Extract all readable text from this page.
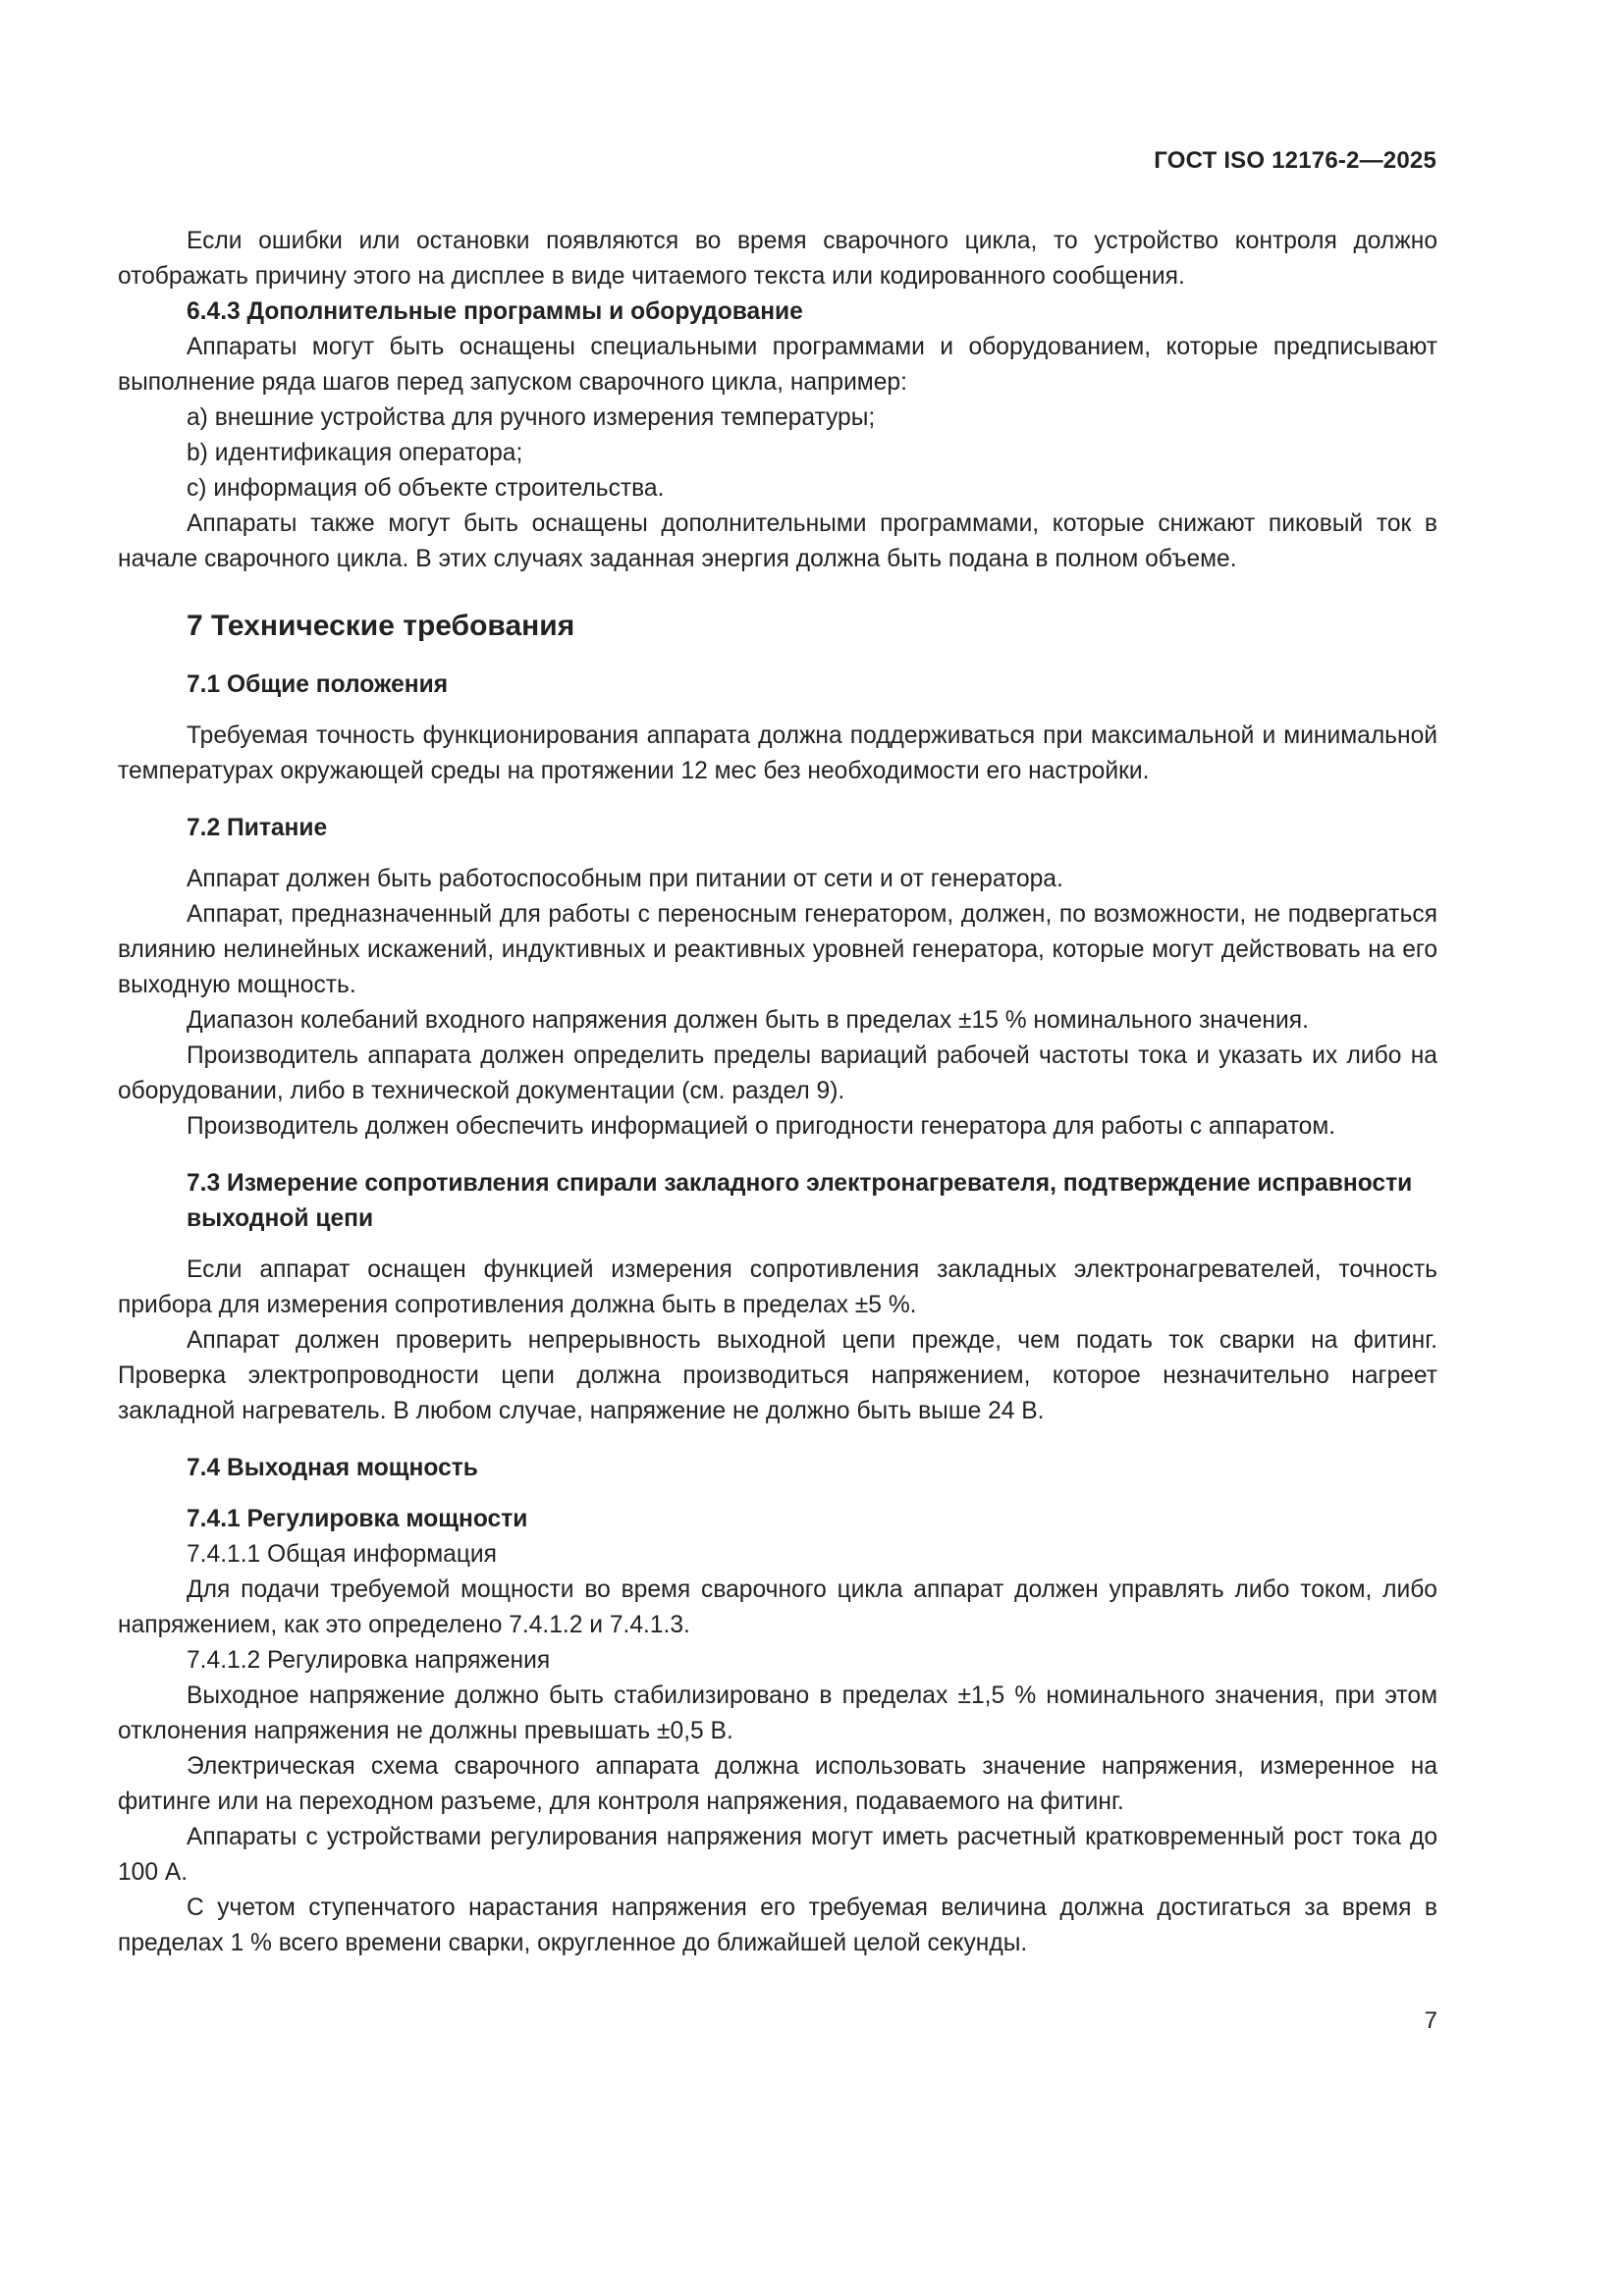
ГОСТ ISO 12176-2—2025

Если ошибки или остановки появляются во время сварочного цикла, то устройство контроля должно отображать причину этого на дисплее в виде читаемого текста или кодированного сообщения.

6.4.3 Дополнительные программы и оборудование

Аппараты могут быть оснащены специальными программами и оборудованием, которые предписывают выполнение ряда шагов перед запуском сварочного цикла, например:

a) внешние устройства для ручного измерения температуры;

b) идентификация оператора;

c) информация об объекте строительства.

Аппараты также могут быть оснащены дополнительными программами, которые снижают пиковый ток в начале сварочного цикла. В этих случаях заданная энергия должна быть подана в полном объеме.

7 Технические требования

7.1 Общие положения

Требуемая точность функционирования аппарата должна поддерживаться при максимальной и минимальной температурах окружающей среды на протяжении 12 мес без необходимости его настройки.

7.2 Питание

Аппарат должен быть работоспособным при питании от сети и от генератора.

Аппарат, предназначенный для работы с переносным генератором, должен, по возможности, не подвергаться влиянию нелинейных искажений, индуктивных и реактивных уровней генератора, которые могут действовать на его выходную мощность.

Диапазон колебаний входного напряжения должен быть в пределах ±15 % номинального значения.

Производитель аппарата должен определить пределы вариаций рабочей частоты тока и указать их либо на оборудовании, либо в технической документации (см. раздел 9).

Производитель должен обеспечить информацией о пригодности генератора для работы с аппаратом.

7.3 Измерение сопротивления спирали закладного электронагревателя, подтверждение исправности выходной цепи

Если аппарат оснащен функцией измерения сопротивления закладных электронагревателей, точность прибора для измерения сопротивления должна быть в пределах ±5 %.

Аппарат должен проверить непрерывность выходной цепи прежде, чем подать ток сварки на фитинг. Проверка электропроводности цепи должна производиться напряжением, которое незначительно нагреет закладной нагреватель. В любом случае, напряжение не должно быть выше 24 В.

7.4 Выходная мощность

7.4.1 Регулировка мощности

7.4.1.1 Общая информация

Для подачи требуемой мощности во время сварочного цикла аппарат должен управлять либо током, либо напряжением, как это определено 7.4.1.2 и 7.4.1.3.

7.4.1.2 Регулировка напряжения

Выходное напряжение должно быть стабилизировано в пределах ±1,5 % номинального значения, при этом отклонения напряжения не должны превышать ±0,5 В.

Электрическая схема сварочного аппарата должна использовать значение напряжения, измеренное на фитинге или на переходном разъеме, для контроля напряжения, подаваемого на фитинг.

Аппараты с устройствами регулирования напряжения могут иметь расчетный кратковременный рост тока до 100 А.

С учетом ступенчатого нарастания напряжения его требуемая величина должна достигаться за время в пределах 1 % всего времени сварки, округленное до ближайшей целой секунды.

7
